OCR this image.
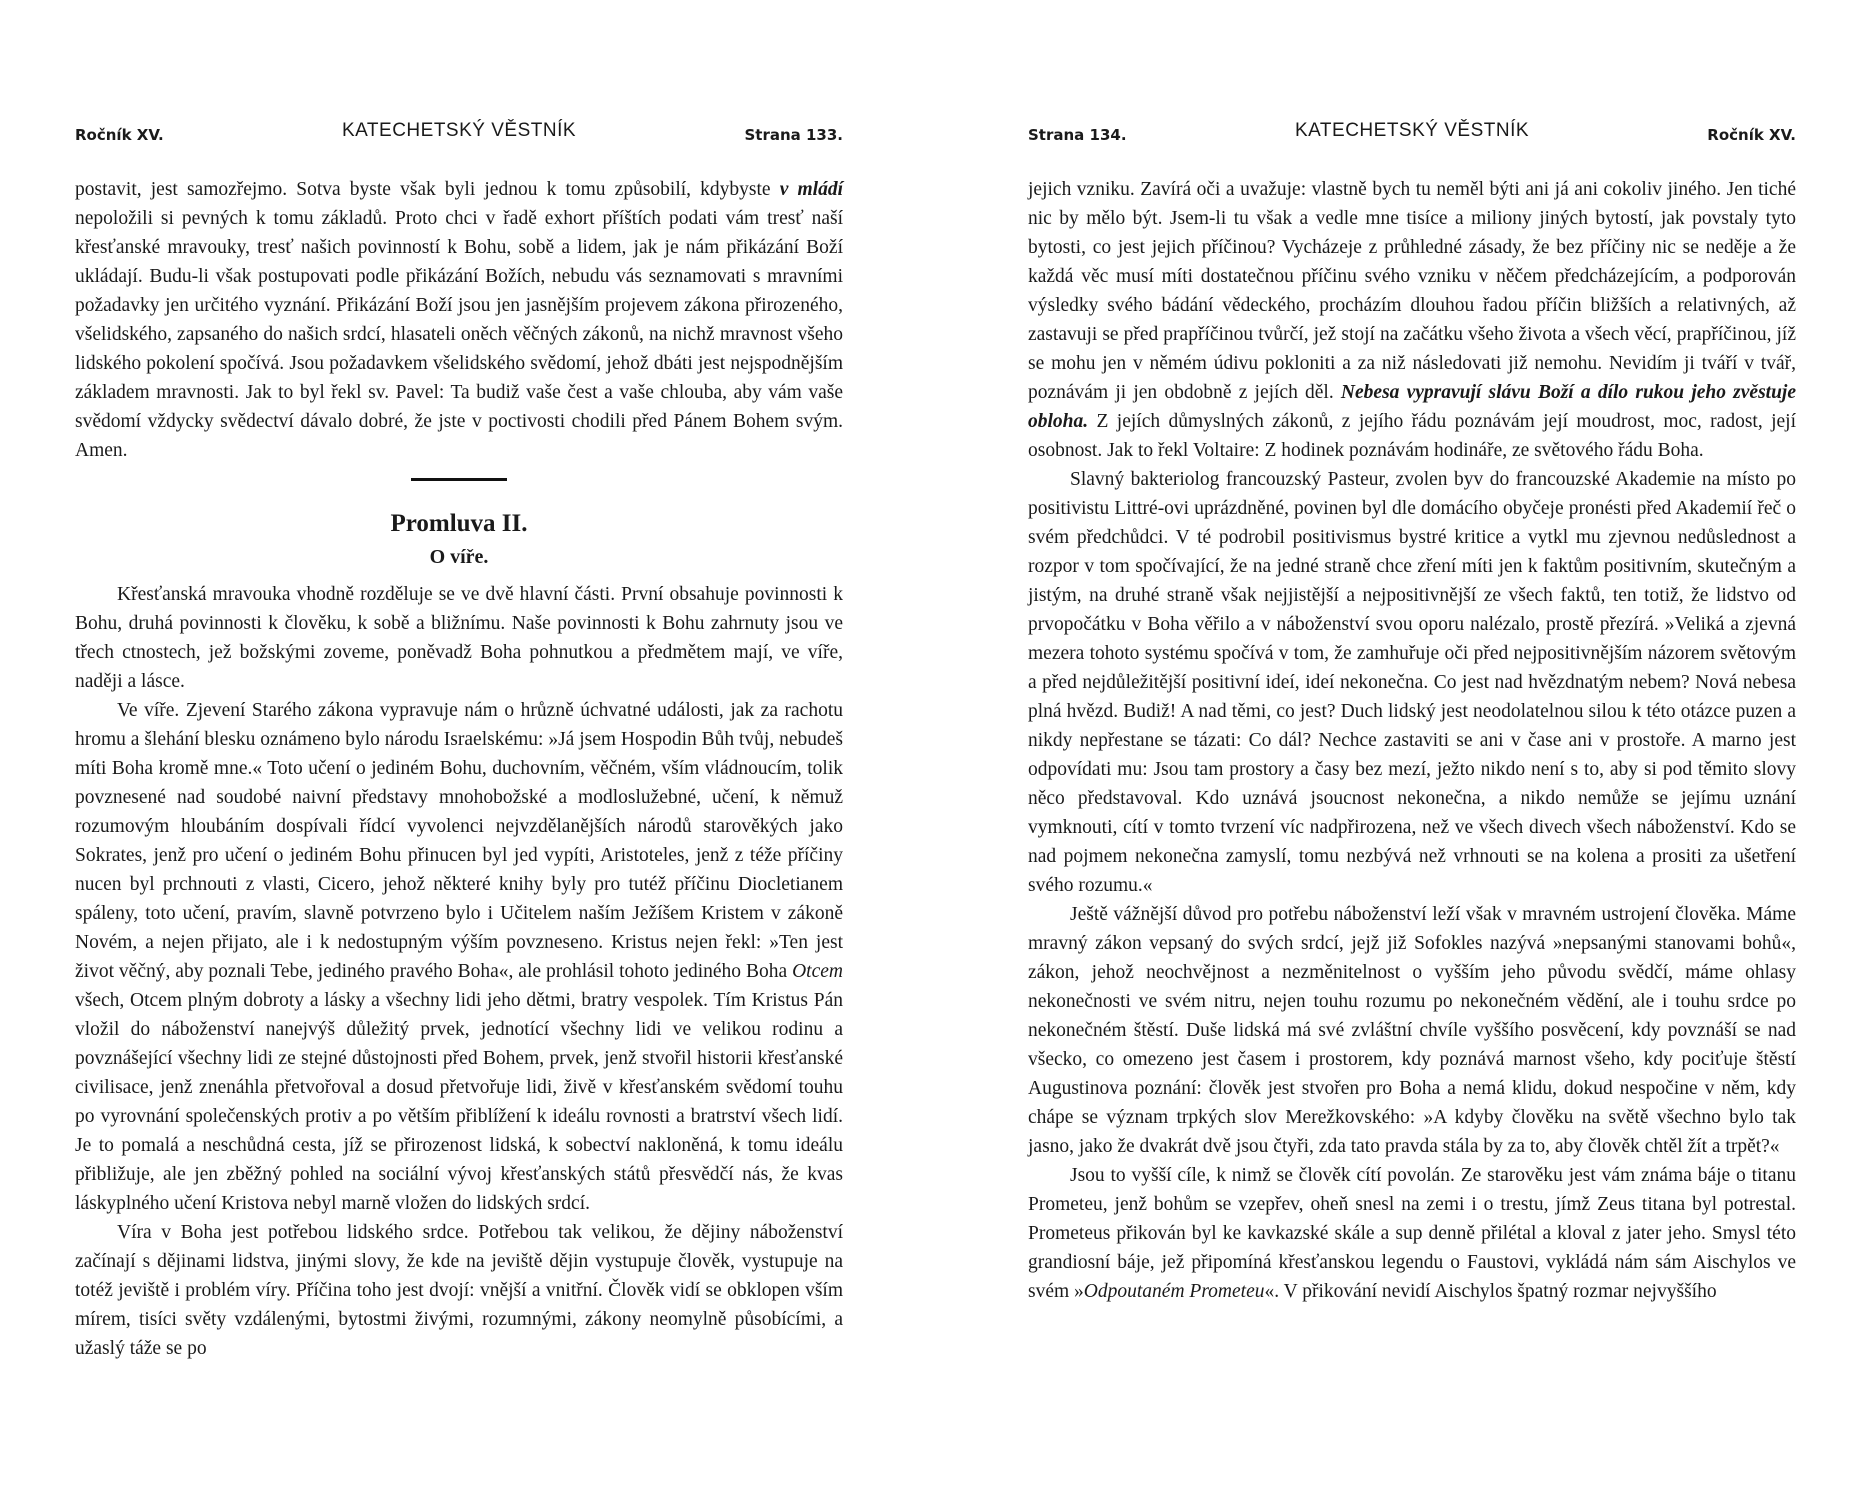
Ročník XV.	KATECHETSKÝ VĚSTNÍK	Strana 133.

postavit, jest samozřejmo. Sotva byste však byli jednou k tomu způsobilí, kdybyste v mládí nepoložili si pevných k tomu základů. Proto chci v řadě exhort příštích podati vám tresť naší křesťanské mravouky, tresť našich povinností k Bohu, sobě a lidem, jak je nám přikázání Boží ukládají. Budu-li však postupovati podle přikázání Božích, nebudu vás seznamovati s mravními požadavky jen určitého vyznání. Přikázání Boží jsou jen jasnějším projevem zákona přirozeného, všelidského, zapsaného do našich srdcí, hlasateli oněch věčných zákonů, na nichž mravnost všeho lidského pokolení spočívá. Jsou požadavkem všelidského svědomí, jehož dbáti jest nejspodnějším základem mravnosti. Jak to byl řekl sv. Pavel: Ta budiž vaše čest a vaše chlouba, aby vám vaše svědomí vždycky svědectví dávalo dobré, že jste v poctivosti chodili před Pánem Bohem svým. Amen.

Promluva II.
O víře.

Křesťanská mravouka vhodně rozděluje se ve dvě hlavní části. První obsahuje povinnosti k Bohu, druhá povinnosti k člověku, k sobě a bližnímu. Naše povinnosti k Bohu zahrnuty jsou ve třech ctnostech, jež božskými zoveme, poněvadž Boha pohnutkou a předmětem mají, ve víře, naději a lásce.

Ve víře. Zjevení Starého zákona vypravuje nám o hrůzně úchvatné události, jak za rachotu hromu a šlehání blesku oznámeno bylo národu Israelskému: »Já jsem Hospodin Bůh tvůj, nebudeš míti Boha kromě mne.« Toto učení o jediném Bohu, duchovním, věčném, vším vládnoucím, tolik povznesené nad soudobé naivní představy mnohobožské a modloslužebné, učení, k němuž rozumovým hloubáním dospívali řídcí vyvolenci nejvzdělanějších národů starověkých jako Sokrates, jenž pro učení o jediném Bohu přinucen byl jed vypíti, Aristoteles, jenž z téže příčiny nucen byl prchnouti z vlasti, Cicero, jehož některé knihy byly pro tutéž příčinu Diocletianem spáleny, toto učení, pravím, slavně potvrzeno bylo i Učitelem naším Ježíšem Kristem v zákoně Novém, a nejen přijato, ale i k nedostupným výším povzneseno. Kristus nejen řekl: »Ten jest život věčný, aby poznali Tebe, jediného pravého Boha«, ale prohlásil tohoto jediného Boha Otcem všech, Otcem plným dobroty a lásky a všechny lidi jeho dětmi, bratry vespolek. Tím Kristus Pán vložil do náboženství nanejvýš důležitý prvek, jednotící všechny lidi ve velikou rodinu a povznášející všechny lidi ze stejné důstojnosti před Bohem, prvek, jenž stvořil historii křesťanské civilisace, jenž znenáhla přetvořoval a dosud přetvořuje lidi, živě v křesťanském svědomí touhu po vyrovnání společenských protiv a po větším přiblížení k ideálu rovnosti a bratrství všech lidí. Je to pomalá a neschůdná cesta, jíž se přirozenost lidská, k sobectví nakloněná, k tomu ideálu přibližuje, ale jen zběžný pohled na sociální vývoj křesťanských států přesvědčí nás, že kvas láskyplného učení Kristova nebyl marně vložen do lidských srdcí.

Víra v Boha jest potřebou lidského srdce. Potřebou tak velikou, že dějiny náboženství začínají s dějinami lidstva, jinými slovy, že kde na jeviště dějin vystupuje člověk, vystupuje na totéž jeviště i problém víry. Příčina toho jest dvojí: vnější a vnitřní. Člověk vidí se obklopen vším mírem, tisíci světy vzdálenými, bytostmi živými, rozumnými, zákony neomylně působícími, a užaslý táže se po

Strana 134.	KATECHETSKÝ VĚSTNÍK	Ročník XV.

jejich vzniku. Zavírá oči a uvažuje: vlastně bych tu neměl býti ani já ani cokoliv jiného. Jen tiché nic by mělo být. Jsem-li tu však a vedle mne tisíce a miliony jiných bytostí, jak povstaly tyto bytosti, co jest jejich příčinou? Vycházeje z průhledné zásady, že bez příčiny nic se neděje a že každá věc musí míti dostatečnou příčinu svého vzniku v něčem předcházejícím, a podporován výsledky svého bádání vědeckého, procházím dlouhou řadou příčin bližších a relativných, až zastavuji se před prapříčinou tvůrčí, jež stojí na začátku všeho života a všech věcí, prapříčinou, jíž se mohu jen v němém údivu pokloniti a za niž následovati již nemohu. Nevidím ji tváří v tvář, poznávám ji jen obdobně z jejích děl. Nebesa vypravují slávu Boží a dílo rukou jeho zvěstuje obloha. Z jejích důmyslných zákonů, z jejího řádu poznávám její moudrost, moc, radost, její osobnost. Jak to řekl Voltaire: Z hodinek poznávám hodináře, ze světového řádu Boha.

Slavný bakteriolog francouzský Pasteur, zvolen byv do francouzské Akademie na místo po positivistu Littré-ovi uprázdněné, povinen byl dle domácího obyčeje pronésti před Akademií řeč o svém předchůdci. V té podrobil positivismus bystré kritice a vytkl mu zjevnou nedůslednost a rozpor v tom spočívající, že na jedné straně chce zření míti jen k faktům positivním, skutečným a jistým, na druhé straně však nejjistější a nejpositivnější ze všech faktů, ten totiž, že lidstvo od prvopočátku v Boha věřilo a v náboženství svou oporu nalézalo, prostě přezírá. »Veliká a zjevná mezera tohoto systému spočívá v tom, že zamhuřuje oči před nejpositivnějším názorem světovým a před nejdůležitější positivní ideí, ideí nekonečna. Co jest nad hvězdnatým nebem? Nová nebesa plná hvězd. Budiž! A nad těmi, co jest? Duch lidský jest neodolatelnou silou k této otázce puzen a nikdy nepřestane se tázati: Co dál? Nechce zastaviti se ani v čase ani v prostoře. A marno jest odpovídati mu: Jsou tam prostory a časy bez mezí, ježto nikdo není s to, aby si pod těmito slovy něco představoval. Kdo uznává jsoucnost nekonečna, a nikdo nemůže se jejímu uznání vymknouti, cítí v tomto tvrzení víc nadpřirozena, než ve všech divech všech náboženství. Kdo se nad pojmem nekonečna zamyslí, tomu nezbývá než vrhnouti se na kolena a prositi za ušetření svého rozumu.«

Ještě vážnější důvod pro potřebu náboženství leží však v mravném ustrojení člověka. Máme mravný zákon vepsaný do svých srdcí, jejž již Sofokles nazývá »nepsanými stanovami bohů«, zákon, jehož neochvějnost a nezměnitelnost o vyšším jeho původu svědčí, máme ohlasy nekonečnosti ve svém nitru, nejen touhu rozumu po nekonečném vědění, ale i touhu srdce po nekonečném štěstí. Duše lidská má své zvláštní chvíle vyššího posvěcení, kdy povznáší se nad všecko, co omezeno jest časem i prostorem, kdy poznává marnost všeho, kdy pociťuje štěstí Augustinova poznání: člověk jest stvořen pro Boha a nemá klidu, dokud nespočine v něm, kdy chápe se význam trpkých slov Merežkovského: »A kdyby člověku na světě všechno bylo tak jasno, jako že dvakrát dvě jsou čtyři, zda tato pravda stála by za to, aby člověk chtěl žít a trpět?«

Jsou to vyšší cíle, k nimž se člověk cítí povolán. Ze starověku jest vám známa báje o titanu Prometeu, jenž bohům se vzepřev, oheň snesl na zemi i o trestu, jímž Zeus titana byl potrestal. Prometeus přikován byl ke kavkazské skále a sup denně přilétal a kloval z jater jeho. Smysl této grandiosní báje, jež připomíná křesťanskou legendu o Faustovi, vykládá nám sám Aischylos ve svém »Odpoutaném Prometeu«. V přikování nevidí Aischylos špatný rozmar nejvyššího
